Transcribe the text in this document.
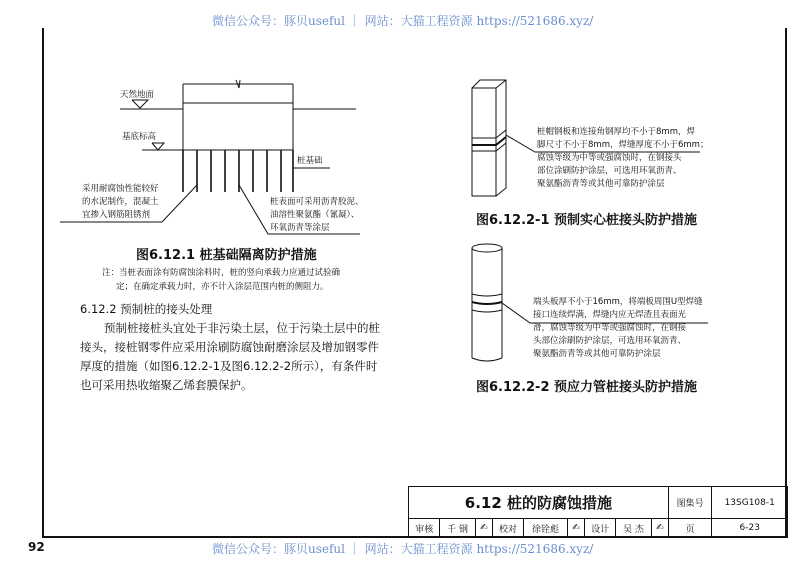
微信公众号：豚贝useful ｜ 网站：大猫工程资源 https://521686.xyz/
天然地面
基底标高
桩基础
采用耐腐蚀性能较好
的水泥制作，混凝土
宜掺入钢筋阻锈剂
桩表面可采用沥青胶泥、
油溶性聚氨酯（氰凝）、
环氧沥青等涂层
图6.12.1 桩基础隔离防护措施
注：当桩表面涂有防腐蚀涂料时，桩的竖向承载力应通过试验确
定；在确定承载力时，亦不计入涂层范围内桩的侧阻力。
6.12.2 预制桩的接头处理
预制桩接桩头宜处于非污染土层，位于污染土层中的桩
接头，接桩钢零件应采用涂刷防腐蚀耐磨涂层及增加钢零件
厚度的措施（如图6.12.2-1及图6.12.2-2所示），有条件时
也可采用热收缩聚乙烯套膜保护。
桩帽钢板和连接角钢厚均不小于8mm，焊
脚尺寸不小于8mm，焊缝厚度不小于6mm；
腐蚀等级为中等或强腐蚀时，在钢接头
部位涂刷防护涂层，可选用环氧沥青、
聚氨酯沥青等或其他可靠防护涂层
图6.12.2-1 预制实心桩接头防护措施
端头板厚不小于16mm，将端板周围U型焊缝
接口连续焊满，焊缝内应无焊渣且表面光
滑，腐蚀等级为中等或强腐蚀时，在钢接
头部位涂刷防护涂层，可选用环氧沥青、
聚氨酯沥青等或其他可靠防护涂层
图6.12.2-2 预应力管桩接头防护措施
6.12 桩的防腐蚀措施									图集号	13SG108-1
审核	千 钢	✍	校对	徐铨彪	✍	设计	吴 杰	✍	页	6-23
92	微信公众号：豚贝useful ｜ 网站：大猫工程资源 https://521686.xyz/
